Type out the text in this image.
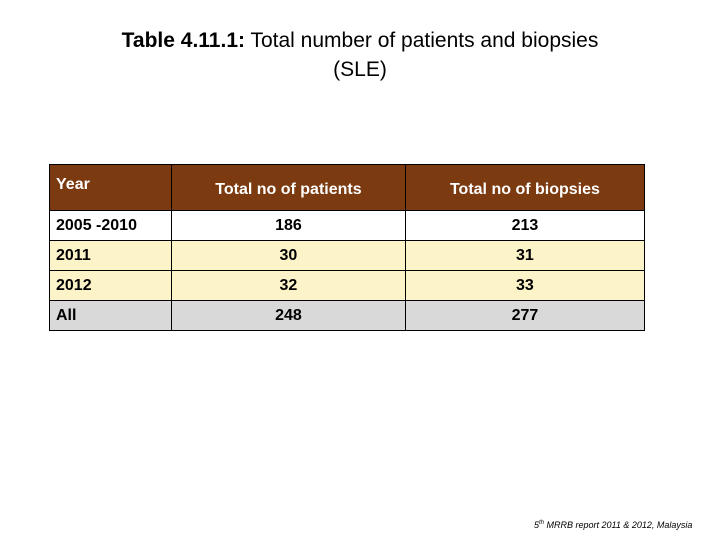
Table 4.11.1: Total number of patients and biopsies
(SLE)
Year	Total no of patients	Total no of biopsies
2005 -2010	186	213
2011	30	31
2012	32	33
All	248	277
5th MRRB report 2011 & 2012, Malaysia
